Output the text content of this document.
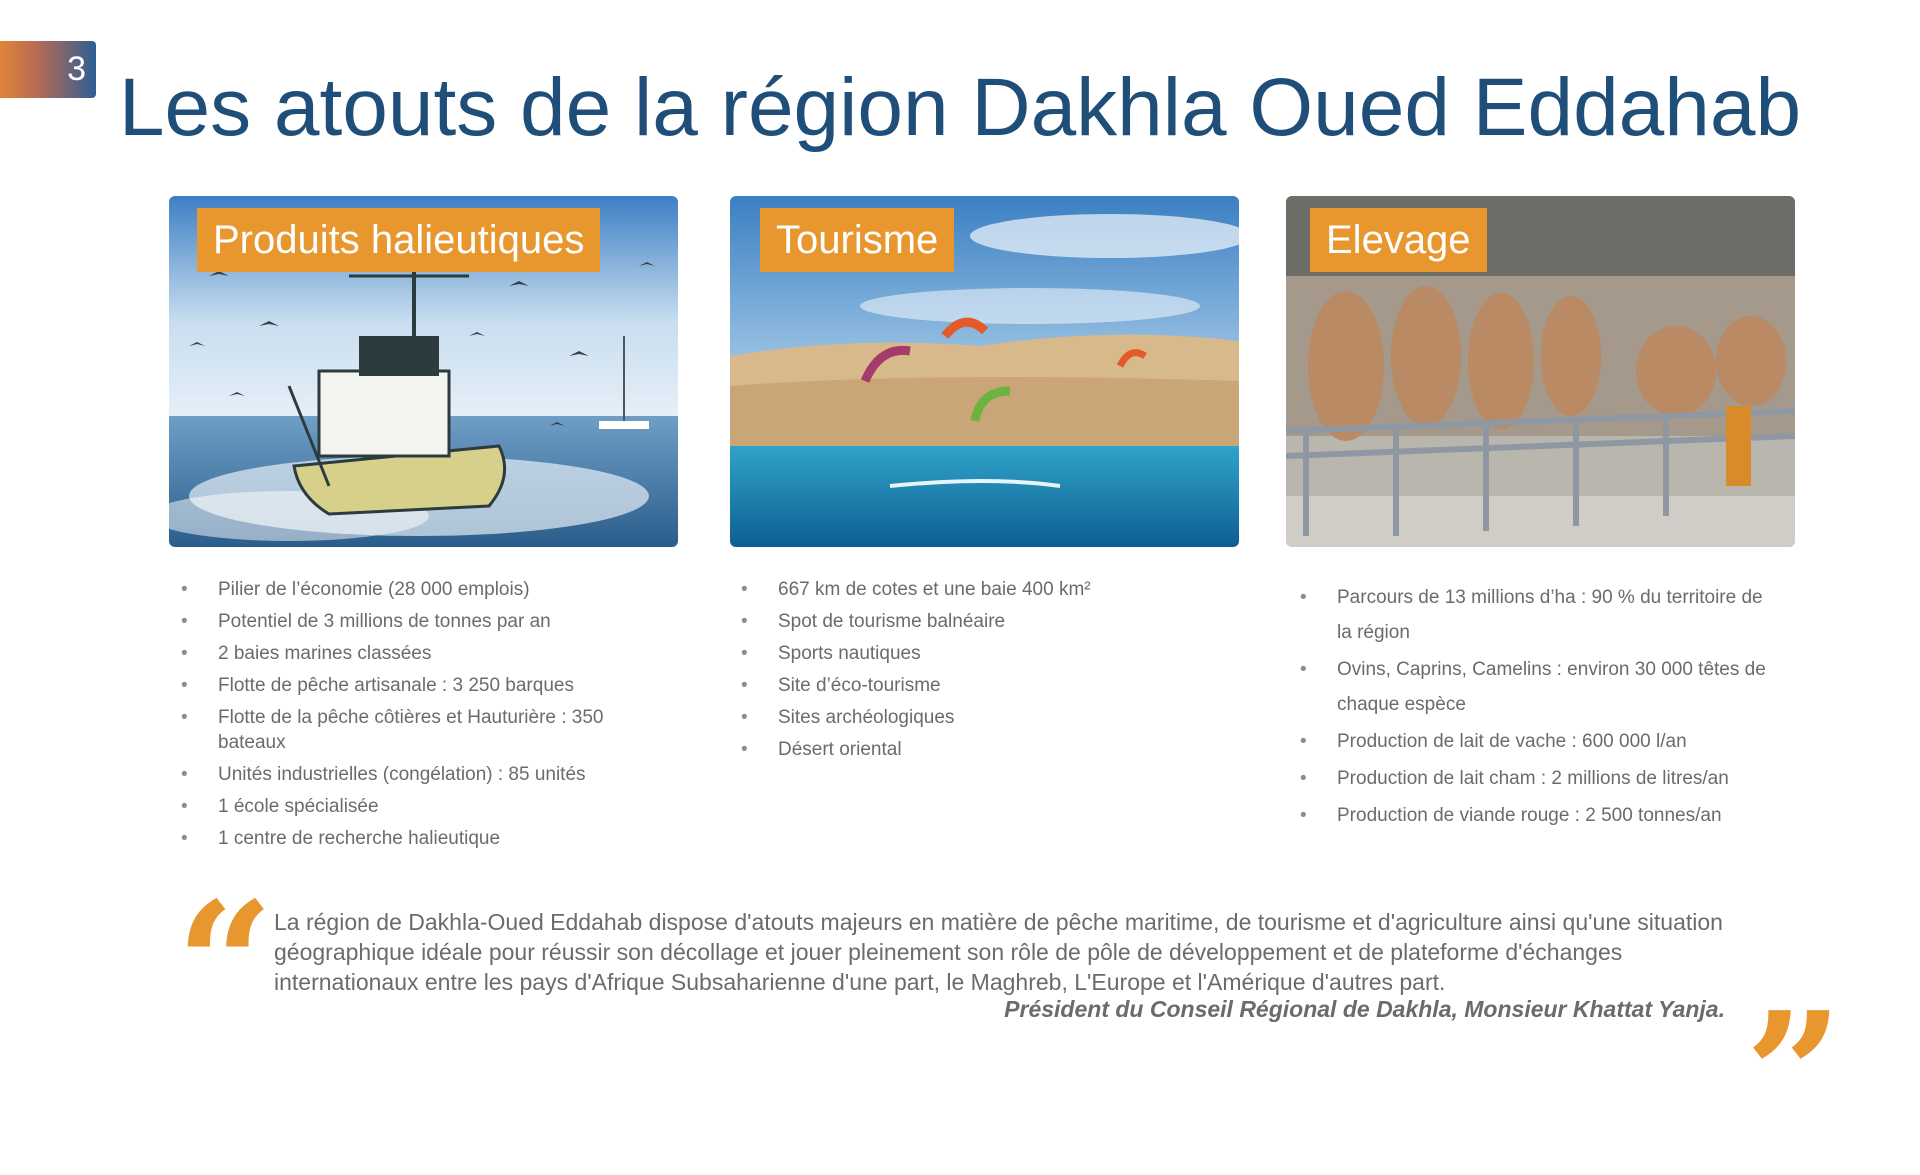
3 Les atouts de la région Dakhla Oued Eddahab
Produits halieutiques	Tourisme	Elevage
• Pilier de l’économie (28 000 emplois)
• Potentiel de 3 millions de tonnes par an
• 2 baies marines classées
• Flotte de pêche artisanale : 3 250 barques
• Flotte de la pêche côtières et Hauturière : 350 bateaux
• Unités industrielles (congélation) : 85 unités
• 1 école spécialisée
• 1 centre de recherche halieutique
• 667 km de cotes et une baie 400 km²
• Spot de tourisme balnéaire
• Sports nautiques
• Site d’éco-tourisme
• Sites archéologiques
• Désert oriental
• Parcours de 13 millions d’ha : 90 % du territoire de la région
• Ovins, Caprins, Camelins : environ 30 000 têtes de chaque espèce
• Production de lait de vache : 600 000 l/an
• Production de lait cham : 2 millions de litres/an
• Production de viande rouge : 2 500 tonnes/an
“ La région de Dakhla-Oued Eddahab dispose d'atouts majeurs en matière de pêche maritime, de tourisme et d'agriculture ainsi qu'une situation géographique idéale pour réussir son décollage et jouer pleinement son rôle de pôle de développement et de plateforme d'échanges internationaux entre les pays d'Afrique Subsaharienne d'une part, le Maghreb, L'Europe et l'Amérique d'autres part.
Président du Conseil Régional de Dakhla, Monsieur Khattat Yanja. ”
